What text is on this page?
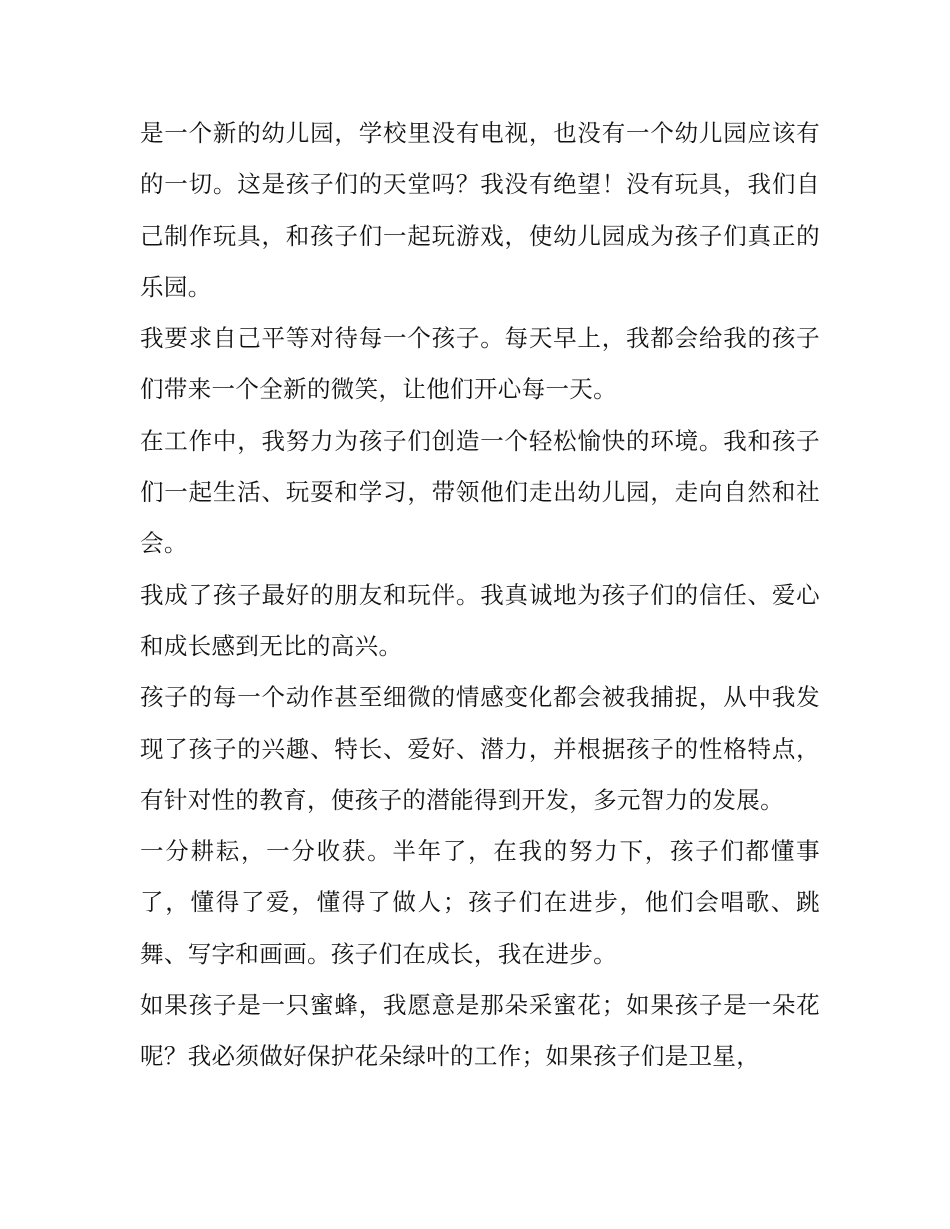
是一个新的幼儿园，学校里没有电视，也没有一个幼儿园应该有的一切。这是孩子们的天堂吗？我没有绝望！没有玩具，我们自己制作玩具，和孩子们一起玩游戏，使幼儿园成为孩子们真正的乐园。

我要求自己平等对待每一个孩子。每天早上，我都会给我的孩子们带来一个全新的微笑，让他们开心每一天。

在工作中，我努力为孩子们创造一个轻松愉快的环境。我和孩子们一起生活、玩耍和学习，带领他们走出幼儿园，走向自然和社会。

我成了孩子最好的朋友和玩伴。我真诚地为孩子们的信任、爱心和成长感到无比的高兴。

孩子的每一个动作甚至细微的情感变化都会被我捕捉，从中我发现了孩子的兴趣、特长、爱好、潜力，并根据孩子的性格特点，有针对性的教育，使孩子的潜能得到开发，多元智力的发展。

一分耕耘，一分收获。半年了，在我的努力下，孩子们都懂事了，懂得了爱，懂得了做人；孩子们在进步，他们会唱歌、跳舞、写字和画画。孩子们在成长，我在进步。

如果孩子是一只蜜蜂，我愿意是那朵采蜜花；如果孩子是一朵花呢？我必须做好保护花朵绿叶的工作；如果孩子们是卫星，
